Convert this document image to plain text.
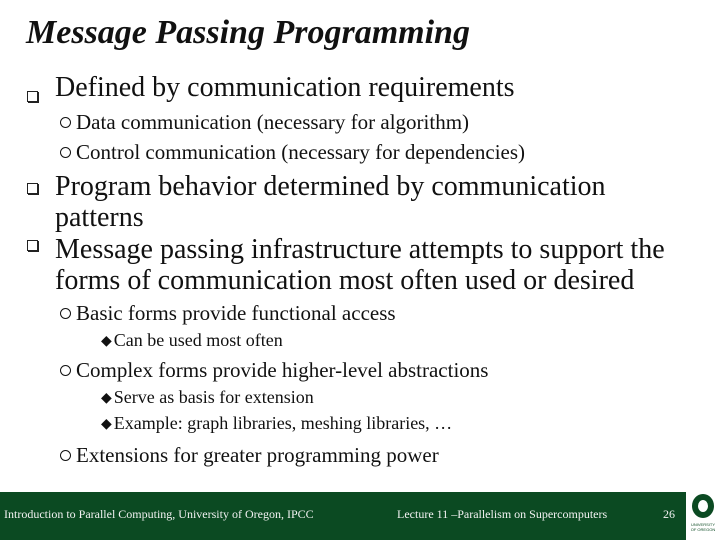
Message Passing Programming
Defined by communication requirements
Data communication (necessary for algorithm)
Control communication (necessary for dependencies)
Program behavior determined by communication
patterns
Message passing infrastructure attempts to support the
forms of communication most often used or desired
Basic forms provide functional access
◆ Can be used most often
Complex forms provide higher-level abstractions
◆ Serve as basis for extension
◆ Example: graph libraries, meshing libraries, …
Extensions for greater programming power
Introduction to Parallel Computing, University of Oregon, IPCC	Lecture 11 –Parallelism on Supercomputers	26
UNIVERSITY OF OREGON
